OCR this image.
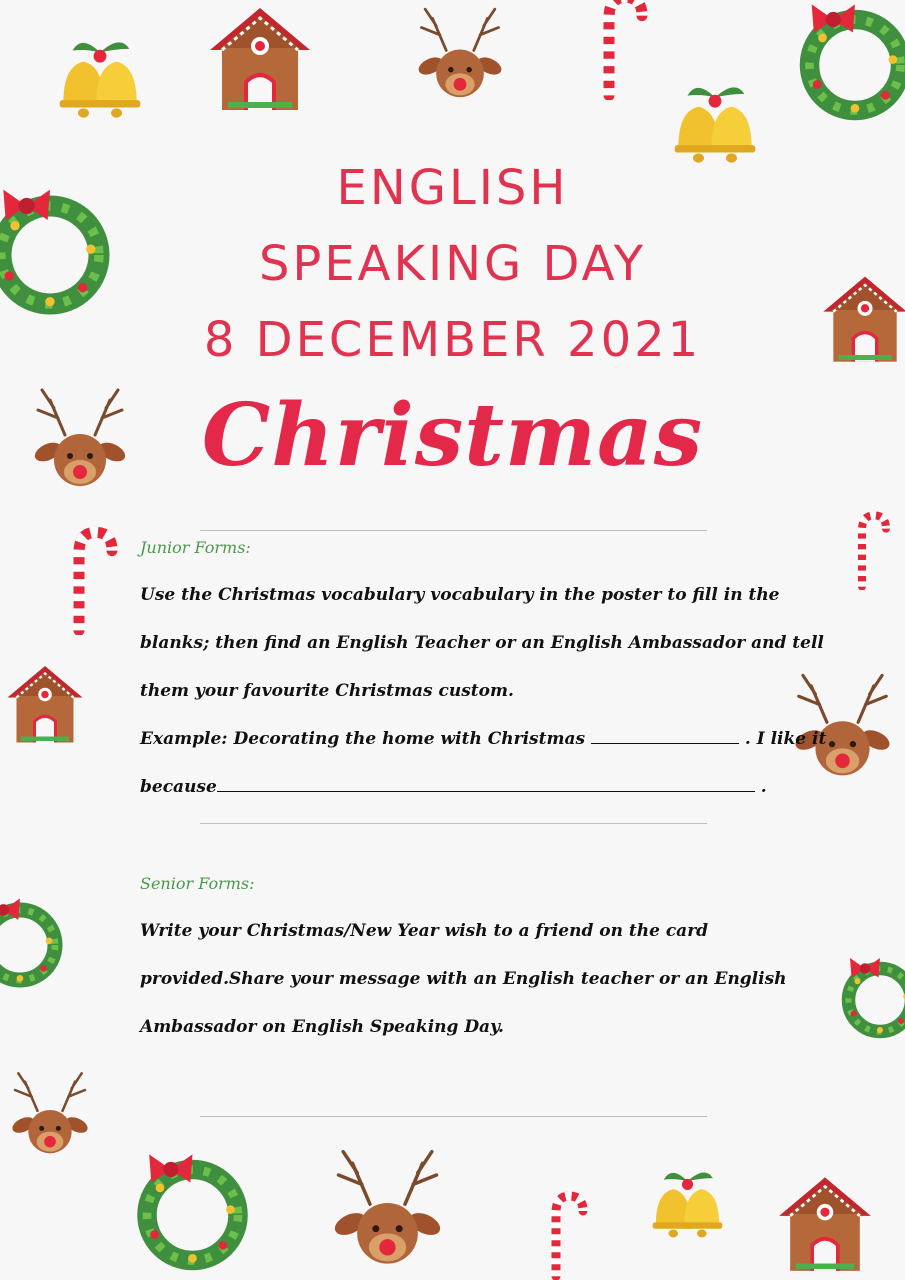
ENGLISH
SPEAKING DAY
8 DECEMBER 2021
Christmas
Junior Forms:
Use the Christmas vocabulary vocabulary in the poster to fill in the
blanks; then find an English Teacher or an English Ambassador and tell
them your favourite Christmas custom.
Example: Decorating the home with Christmas	. I like it
because	.
Senior Forms:
Write your Christmas/New Year wish to a friend on the card
provided.Share your message with an English teacher or an English
Ambassador on English Speaking Day.
